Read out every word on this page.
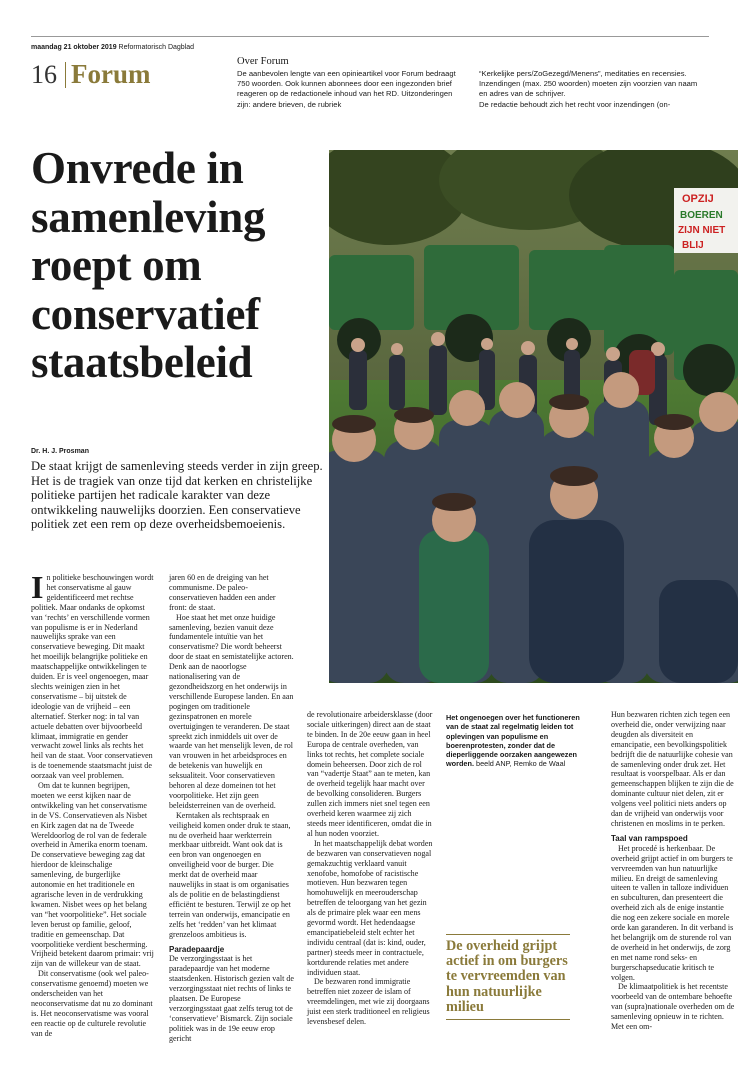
maandag 21 oktober 2019 Reformatorisch Dagblad
16 Forum	Over Forum
De aanbevolen lengte van een opinieartikel voor Forum bedraagt 750 woorden. Ook kunnen abonnees door een ingezonden brief reageren op de redactionele inhoud van het RD. Uitzonderingen zijn: andere brieven, de rubriek
“Kerkelijke pers/ZoGezegd/Menens”, meditaties en recensies. Inzendingen (max. 250 woorden) moeten zijn voorzien van naam en adres van de schrijver.
De redactie behoudt zich het recht voor inzendingen (on-
Onvrede in samenleving roept om conservatief staatsbeleid
OPZIJ
BOEREN
ZIJN NIET
BLIJ
Dr. H. J. Prosman
De staat krijgt de samenleving steeds verder in zijn greep. Het is de tragiek van onze tijd dat kerken en christelijke politieke partijen het radicale karakter van deze ontwikkeling nauwelijks doorzien. Een conservatieve politiek zet een rem op deze overheidsbemoeienis.

In politieke beschouwingen wordt het conservatisme al gauw geïdentificeerd met rechtse politiek. Maar ondanks de opkomst van ‘rechts’ en verschillende vormen van populisme is er in Nederland nauwelijks sprake van een conservatieve beweging. Dit maakt het moeilijk belangrijke politieke en maatschappelijke ontwikkelingen te duiden. Er is veel ongenoegen, maar slechts weinigen zien in het conservatisme – bij uitstek de ideologie van de vrijheid – een alternatief. Sterker nog: in tal van actuele debatten over bijvoorbeeld klimaat, immigratie en gender verwacht zowel links als rechts het heil van de staat. Voor conservatieven is de toenemende staatsmacht juist de oorzaak van veel problemen.

Om dat te kunnen begrijpen, moeten we eerst kijken naar de ontwikkeling van het conservatisme in de VS. Conservatieven als Nisbet en Kirk zagen dat na de Tweede Wereldoorlog de rol van de federale overheid in Amerika enorm toenam. De conservatieve beweging zag dat hierdoor de kleinschalige samenleving, de burgerlijke autonomie en het traditionele en agrarische leven in de verdrukking kwamen. Nisbet wees op het belang van “het voorpolitieke”. Het sociale leven berust op familie, geloof, traditie en gemeenschap. Dat voorpolitieke verdient bescherming. Vrijheid betekent daarom primair: vrij zijn van de willekeur van de staat.

Dit conservatisme (ook wel paleo-conservatisme genoemd) moeten we onderscheiden van het neoconservatisme dat nu zo dominant is. Het neoconservatisme was vooral een reactie op de culturele revolutie van de

jaren 60 en de dreiging van het communisme. De paleo-conservatieven hadden een ander front: de staat.

Hoe staat het met onze huidige samenleving, bezien vanuit deze fundamentele intuïtie van het conservatisme? Die wordt beheerst door de staat en semistatelijke actoren. Denk aan de naoorlogse nationalisering van de gezondheidszorg en het onderwijs in verschillende Europese landen. En aan pogingen om traditionele gezinspatronen en morele overtuigingen te veranderen. De staat spreekt zich inmiddels uit over de waarde van het menselijk leven, de rol van vrouwen in het arbeidsproces en de betekenis van huwelijk en seksualiteit. Voor conservatieven behoren al deze domeinen tot het voorpolitieke. Het zijn geen beleidsterreinen van de overheid.

Kerntaken als rechtspraak en veiligheid komen onder druk te staan, nu de overheid haar werkterrein merkbaar uitbreidt. Want ook dat is een bron van ongenoegen en onveiligheid voor de burger. Die merkt dat de overheid maar nauwelijks in staat is om organisaties als de politie en de belastingdienst efficiënt te besturen. Terwijl ze op het terrein van onderwijs, emancipatie en zelfs het ‘redden’ van het klimaat grenzeloos ambitieus is.

Paradepaardje

De verzorgingsstaat is het paradepaardje van het moderne staatsdenken. Historisch gezien valt de verzorgingsstaat niet rechts of links te plaatsen. De Europese verzorgingsstaat gaat zelfs terug tot de ‘conservatieve’ Bismarck. Zijn sociale politiek was in de 19e eeuw erop gericht

de revolutionaire arbeidersklasse (door sociale uitkeringen) direct aan de staat te binden. In de 20e eeuw gaan in heel Europa de centrale overheden, van links tot rechts, het complete sociale domein beheersen. Door zich de rol van “vadertje Staat” aan te meten, kan de overheid tegelijk haar macht over de bevolking consolideren. Burgers zullen zich immers niet snel tegen een overheid keren waarmee zij zich steeds meer identificeren, omdat die in al hun noden voorziet.

In het maatschappelijk debat worden de bezwaren van conservatieven nogal gemakzuchtig verklaard vanuit xenofobe, homofobe of racistische motieven. Hun bezwaren tegen homohuwelijk en meerouderschap betreffen de teloorgang van het gezin als de primaire plek waar een mens gevormd wordt. Het hedendaagse emancipatiebeleid stelt echter het individu centraal (dat is: kind, ouder, partner) steeds meer in contractuele, kortdurende relaties met andere individuen staat.

De bezwaren rond immigratie betreffen niet zozeer de islam of vreemdelingen, met wie zij doorgaans juist een sterk traditioneel en religieus levensbesef delen.

Het ongenoegen over het functioneren van de staat zal regelmatig leiden tot oplevingen van populisme en boerenprotesten, zonder dat de dieperliggende oorzaken aangewezen worden. beeld ANP, Remko de Waal
De overheid grijpt actief in om burgers te vervreemden van hun natuurlijke milieu

Hun bezwaren richten zich tegen een overheid die, onder verwijzing naar deugden als diversiteit en emancipatie, een bevolkingspolitiek bedrijft die de natuurlijke cohesie van de samenleving onder druk zet. Het resultaat is voorspelbaar. Als er dan gemeenschappen blijken te zijn die de dominante cultuur niet delen, zit er volgens veel politici niets anders op dan de vrijheid van onderwijs voor christenen en moslims in te perken.

Taal van rampspoed

Het procedé is herkenbaar. De overheid grijpt actief in om burgers te vervreemden van hun natuurlijke milieu. En dreigt de samenleving uiteen te vallen in talloze individuen en subculturen, dan presenteert die overheid zich als de enige instantie die nog een zekere sociale en morele orde kan garanderen. In dit verband is het belangrijk om de sturende rol van de overheid in het onderwijs, de zorg en met name rond seks- en burgerschapseducatie kritisch te volgen.

De klimaatpolitiek is het recentste voorbeeld van de ontembare behoefte van (supra)nationale overheden om de samenleving opnieuw in te richten. Met een om-
